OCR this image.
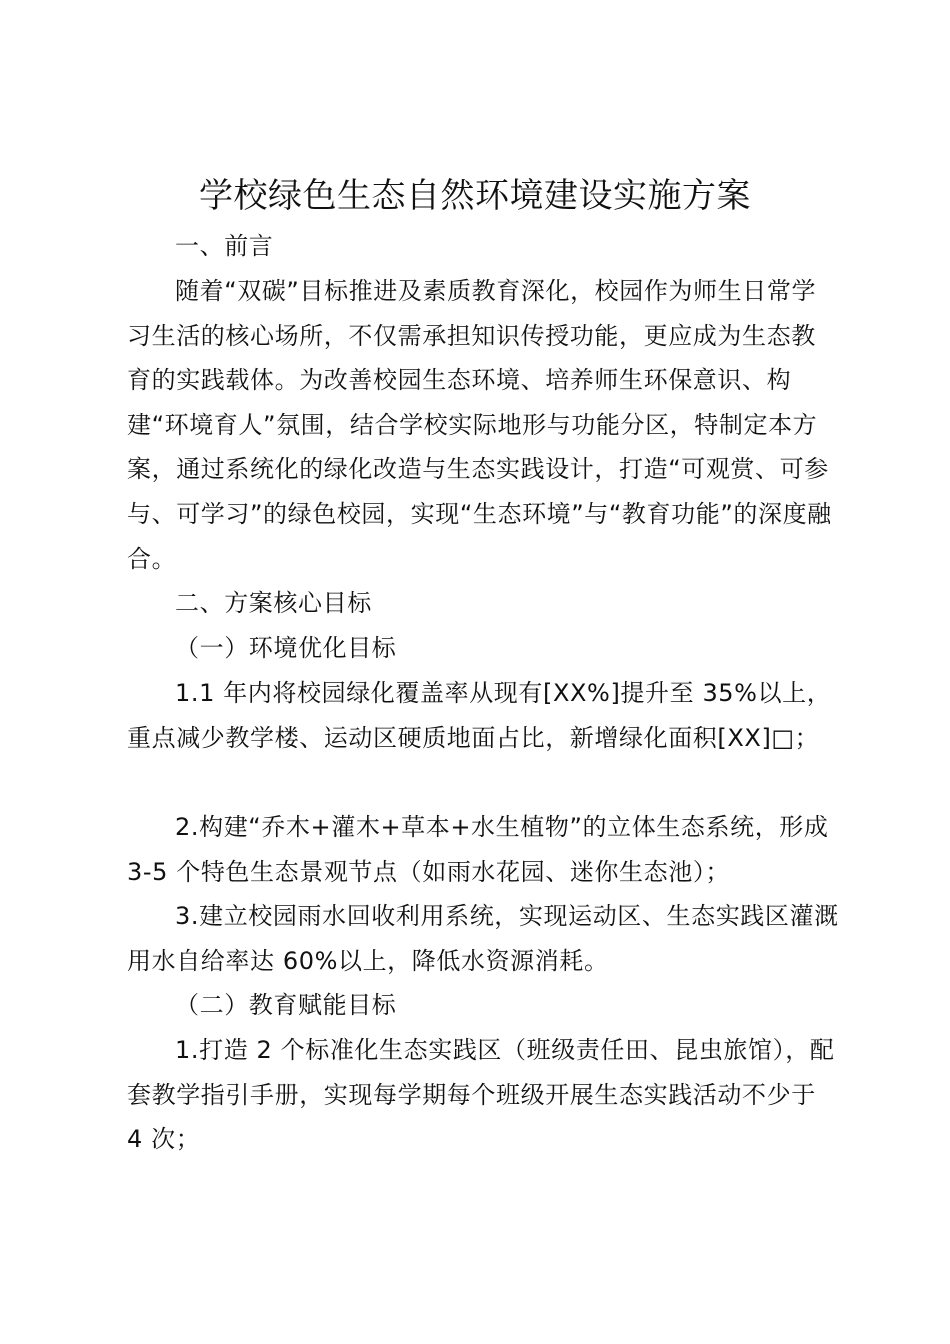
学校绿色生态自然环境建设实施方案
一、前言

随着“双碳”目标推进及素质教育深化，校园作为师生日常学习生活的核心场所，不仅需承担知识传授功能，更应成为生态教育的实践载体。为改善校园生态环境、培养师生环保意识、构建“环境育人”氛围，结合学校实际地形与功能分区，特制定本方案，通过系统化的绿化改造与生态实践设计，打造“可观赏、可参与、可学习”的绿色校园，实现“生态环境”与“教育功能”的深度融合。

二、方案核心目标
（一）环境优化目标

1.1 年内将校园绿化覆盖率从现有[XX%]提升至 35%以上，重点减少教学楼、运动区硬质地面占比，新增绿化面积[XX]□；

2.构建“乔木+灌木+草本+水生植物”的立体生态系统，形成 3-5 个特色生态景观节点（如雨水花园、迷你生态池）；

3.建立校园雨水回收利用系统，实现运动区、生态实践区灌溉用水自给率达 60%以上，降低水资源消耗。

（二）教育赋能目标

1.打造 2 个标准化生态实践区（班级责任田、昆虫旅馆），配套教学指引手册，实现每学期每个班级开展生态实践活动不少于 4 次；
